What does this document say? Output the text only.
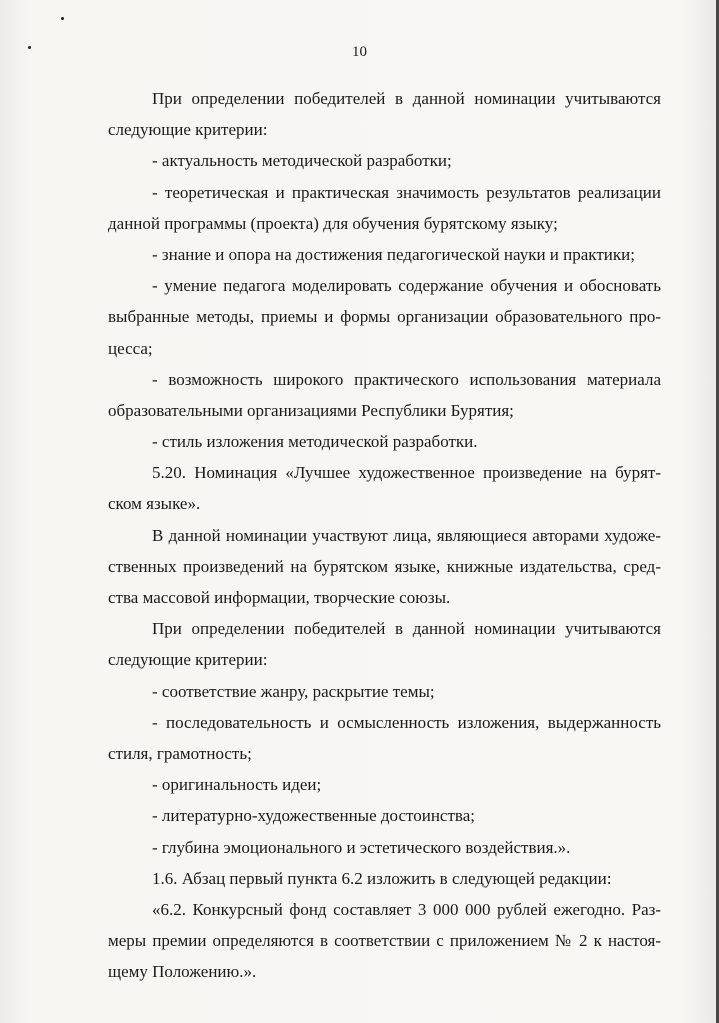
10
При определении победителей в данной номинации учитываются
следующие критерии:
- актуальность методической разработки;
- теоретическая и практическая значимость результатов реализации
данной программы (проекта) для обучения бурятскому языку;
- знание и опора на достижения педагогической науки и практики;
- умение педагога моделировать содержание обучения и обосновать
выбранные методы, приемы и формы организации образовательного про-
цесса;
- возможность широкого практического использования материала
образовательными организациями Республики Бурятия;
- стиль изложения методической разработки.
5.20. Номинация «Лучшее художественное произведение на бурят-
ском языке».
В данной номинации участвуют лица, являющиеся авторами художе-
ственных произведений на бурятском языке, книжные издательства, сред-
ства массовой информации, творческие союзы.
При определении победителей в данной номинации учитываются
следующие критерии:
- соответствие жанру, раскрытие темы;
- последовательность и осмысленность изложения, выдержанность
стиля, грамотность;
- оригинальность идеи;
- литературно-художественные достоинства;
- глубина эмоционального и эстетического воздействия.».
1.6. Абзац первый пункта 6.2 изложить в следующей редакции:
«6.2. Конкурсный фонд составляет 3 000 000 рублей ежегодно. Раз-
меры премии определяются в соответствии с приложением № 2 к настоя-
щему Положению.».
